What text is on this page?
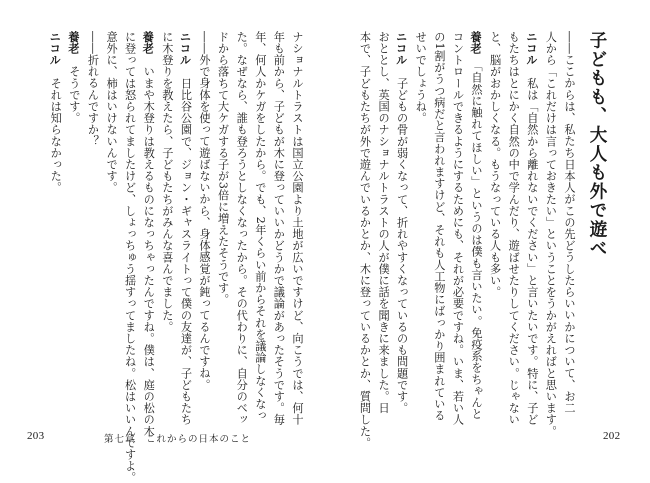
ナショナルトラストは国立公園より土地が広いですけど、向こうでは、何十
年も前から、子どもが木に登っていいかどうかで議論があったそうです。毎
年、何人かケガをしたから。でも、2年くらい前からそれを議論しなくなっ
た。なぜなら、誰も登ろうとしなくなったから。その代わりに、自分のベッ
ドから落ちて大ケガする子が3倍に増えたそうです。
――外で身体を使って遊ばないから、身体感覚が鈍ってるんですね。
ニコル　日比谷公園で、ジョン・ギャスライトって僕の友達が、子どもたち
に木登りを教えたら、子どもたちがみんな喜んでました。
養老　いまや木登りは教えるものになっちゃったんですね。僕は、庭の松の木
に登っては怒られてましたけど、しょっちゅう揺すってましたね。松はいいんですよ。
意外に、柿はいけないんです。
――折れるんですか？
養老　そうです。
ニコル　それは知らなかった。
203	第七章　これからの日本のこと
子どもも、大人も外で遊べ
――ここからは、私たち日本人がこの先どうしたらいいかについて、お二
人から「これだけは言っておきたい」ということをうかがえればと思います。
ニコル　私は「自然から離れないでください」と言いたいです。特に、子ど
もたちはとにかく自然の中で学んだり、遊ばせたりしてください。じゃない
と、脳がおかしくなる。もうなっている人も多い。
養老　「自然に触れてほしい」というのは僕も言いたい。免疫系をちゃんと
コントロールできるようにするためにも、それが必要ですね。いま、若い人
の1割がうつ病だと言われますけど、それも人工物にばっかり囲まれている
せいでしょうね。
ニコル　子どもの骨が弱くなって、折れやすくなっているのも問題です。
おととし、英国のナショナルトラストの人が僕に話を聞きに来ました。日
本で、子どもたちが外で遊んでいるかとか、木に登っているかとか、質問した。	202
